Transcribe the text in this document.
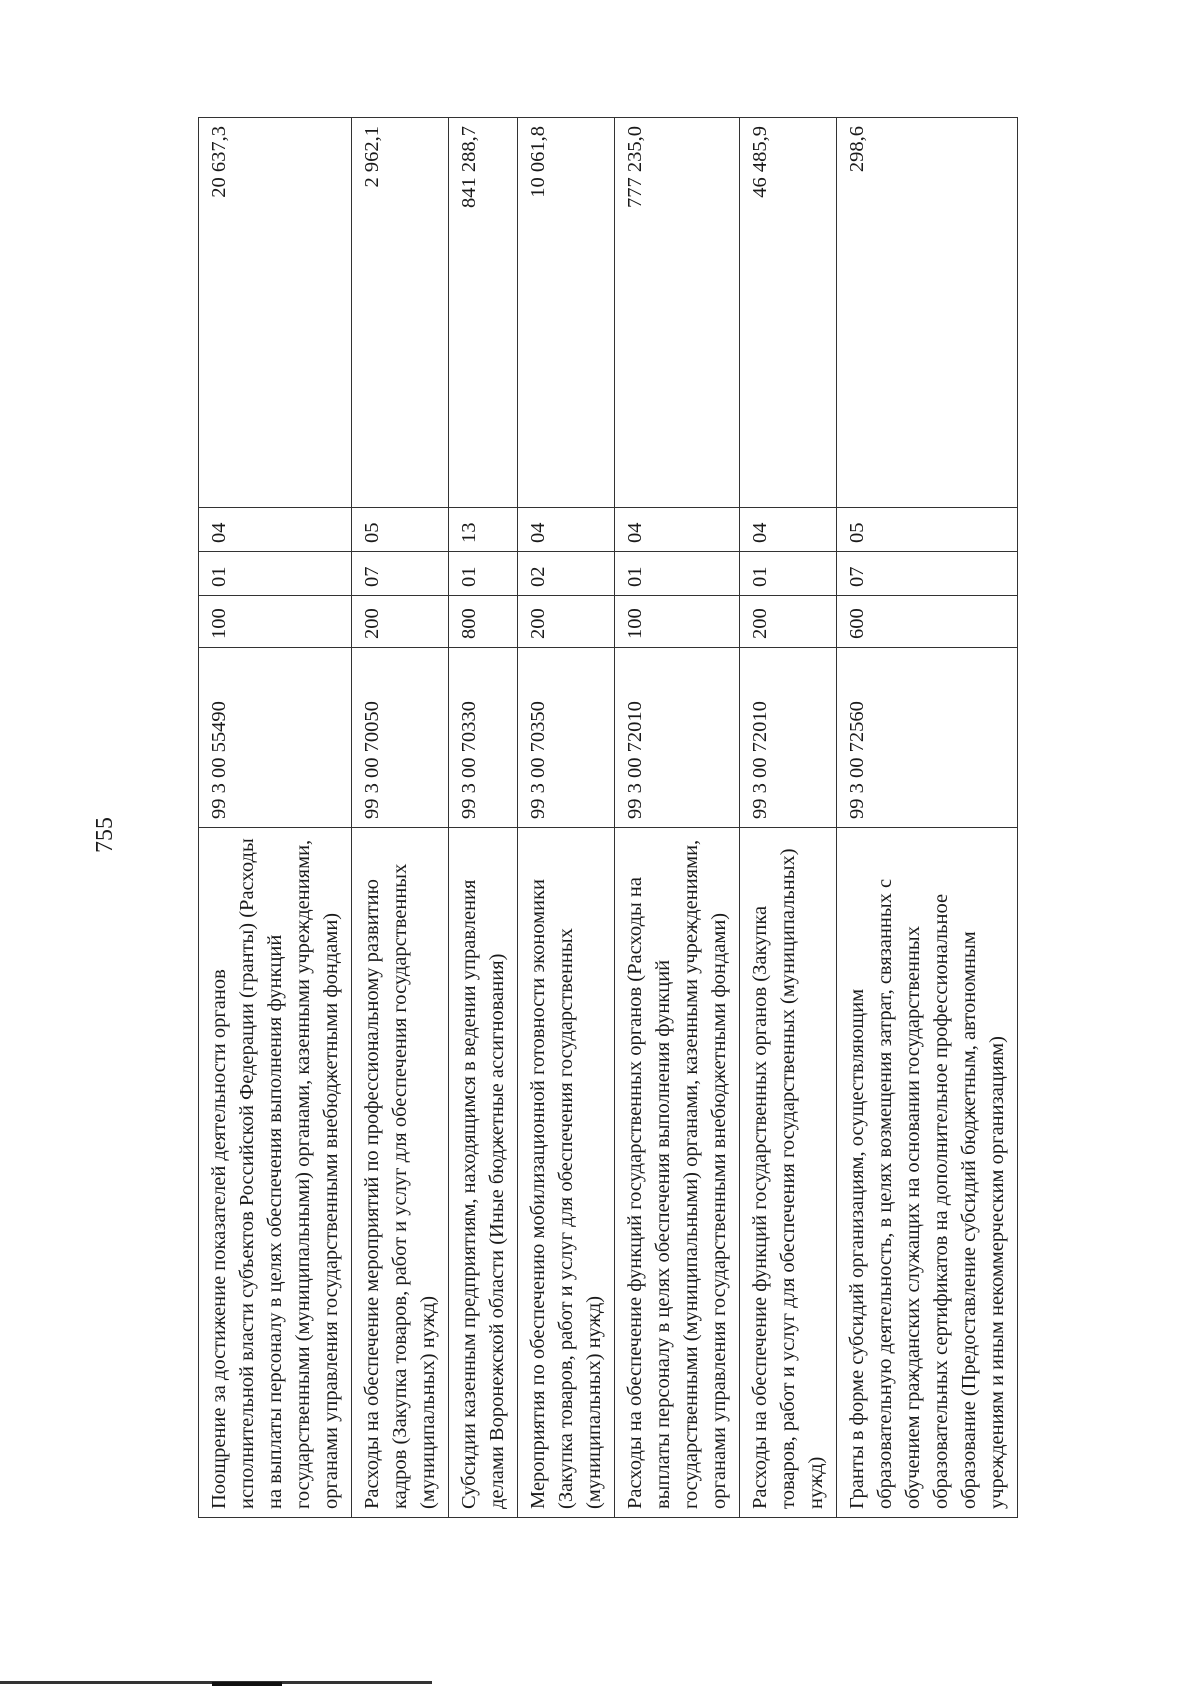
755
Поощрение за достижение показателей деятельности органов исполнительной власти субъектов Российской Федерации (гранты) (Расходы на выплаты персоналу в целях обеспечения выполнения функций государственными (муниципальными) органами, казенными учреждениями, органами управления государственными внебюджетными фондами)	99 3 00 55490	100	01	04	20 637,3
Расходы на обеспечение мероприятий по профессиональному развитию кадров (Закупка товаров, работ и услуг для обеспечения государственных (муниципальных) нужд)	99 3 00 70050	200	07	05	2 962,1
Субсидии казенным предприятиям, находящимся в ведении управления делами Воронежской области (Иные бюджетные ассигнования)	99 3 00 70330	800	01	13	841 288,7
Мероприятия по обеспечению мобилизационной готовности экономики (Закупка товаров, работ и услуг для обеспечения государственных (муниципальных) нужд)	99 3 00 70350	200	02	04	10 061,8
Расходы на обеспечение функций государственных органов (Расходы на выплаты персоналу в целях обеспечения выполнения функций государственными (муниципальными) органами, казенными учреждениями, органами управления государственными внебюджетными фондами)	99 3 00 72010	100	01	04	777 235,0
Расходы на обеспечение функций государственных органов (Закупка товаров, работ и услуг для обеспечения государственных (муниципальных) нужд)	99 3 00 72010	200	01	04	46 485,9
Гранты в форме субсидий организациям, осуществляющим образовательную деятельность, в целях возмещения затрат, связанных с обучением гражданских служащих на основании государственных образовательных сертификатов на дополнительное профессиональное образование (Предоставление субсидий бюджетным, автономным учреждениям и иным некоммерческим организациям)	99 3 00 72560	600	07	05	298,6
